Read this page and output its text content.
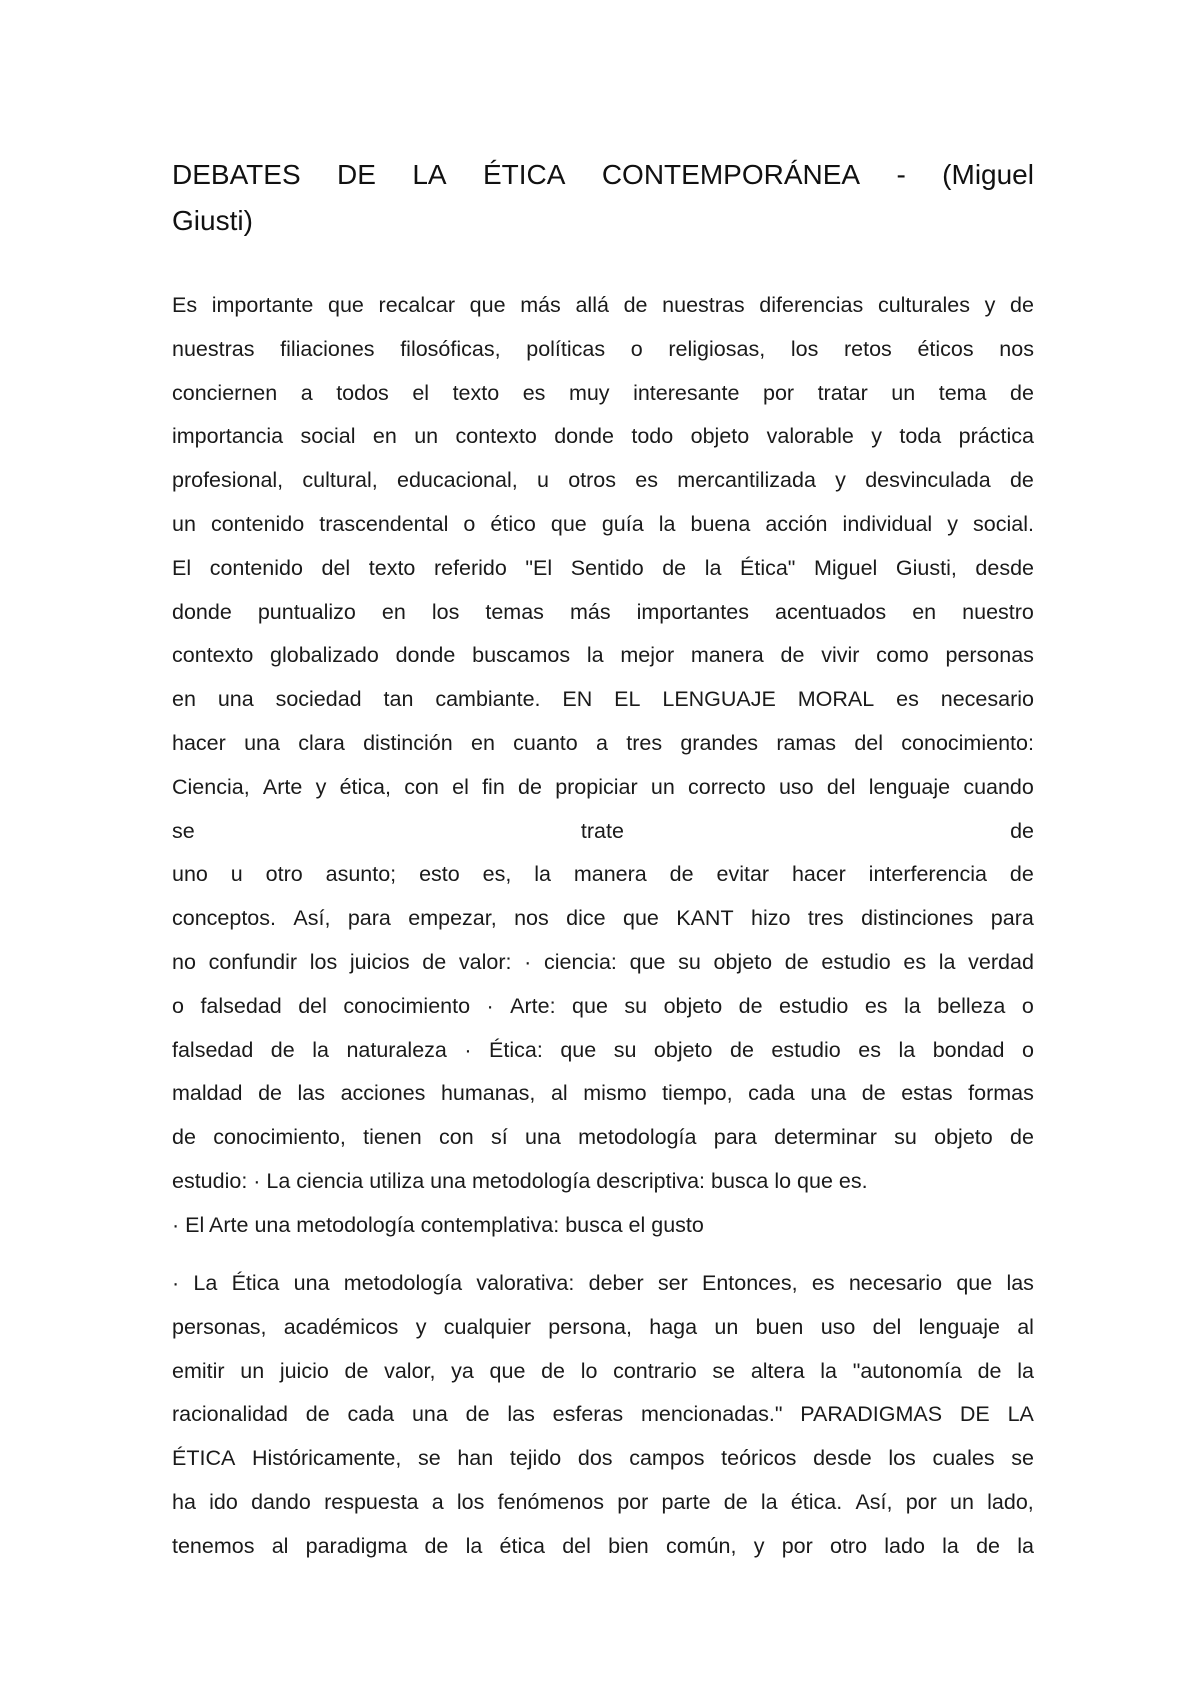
DEBATES DE LA ÉTICA CONTEMPORÁNEA - (Miguel
Giusti)
Es importante que recalcar que más allá de nuestras diferencias culturales y de
nuestras filiaciones filosóficas, políticas o religiosas, los retos éticos nos
conciernen a todos el texto es muy interesante por tratar un tema de
importancia social en un contexto donde todo objeto valorable y toda práctica
profesional, cultural, educacional, u otros es mercantilizada y desvinculada de
un contenido trascendental o ético que guía la buena acción individual y social.
El contenido del texto referido "El Sentido de la Ética" Miguel Giusti, desde
donde puntualizo en los temas más importantes acentuados en nuestro
contexto globalizado donde buscamos la mejor manera de vivir como personas
en una sociedad tan cambiante. EN EL LENGUAJE MORAL es necesario
hacer una clara distinción en cuanto a tres grandes ramas del conocimiento:
Ciencia, Arte y ética, con el fin de propiciar un correcto uso del lenguaje cuando
se	trate	de
uno u otro asunto; esto es, la manera de evitar hacer interferencia de
conceptos. Así, para empezar, nos dice que KANT hizo tres distinciones para
no confundir los juicios de valor: · ciencia: que su objeto de estudio es la verdad
o falsedad del conocimiento · Arte: que su objeto de estudio es la belleza o
falsedad de la naturaleza · Ética: que su objeto de estudio es la bondad o
maldad de las acciones humanas, al mismo tiempo, cada una de estas formas
de conocimiento, tienen con sí una metodología para determinar su objeto de
estudio: · La ciencia utiliza una metodología descriptiva: busca lo que es.
· El Arte una metodología contemplativa: busca el gusto
· La Ética una metodología valorativa: deber ser Entonces, es necesario que las
personas, académicos y cualquier persona, haga un buen uso del lenguaje al
emitir un juicio de valor, ya que de lo contrario se altera la "autonomía de la
racionalidad de cada una de las esferas mencionadas." PARADIGMAS DE LA
ÉTICA Históricamente, se han tejido dos campos teóricos desde los cuales se
ha ido dando respuesta a los fenómenos por parte de la ética. Así, por un lado,
tenemos al paradigma de la ética del bien común, y por otro lado la de la
